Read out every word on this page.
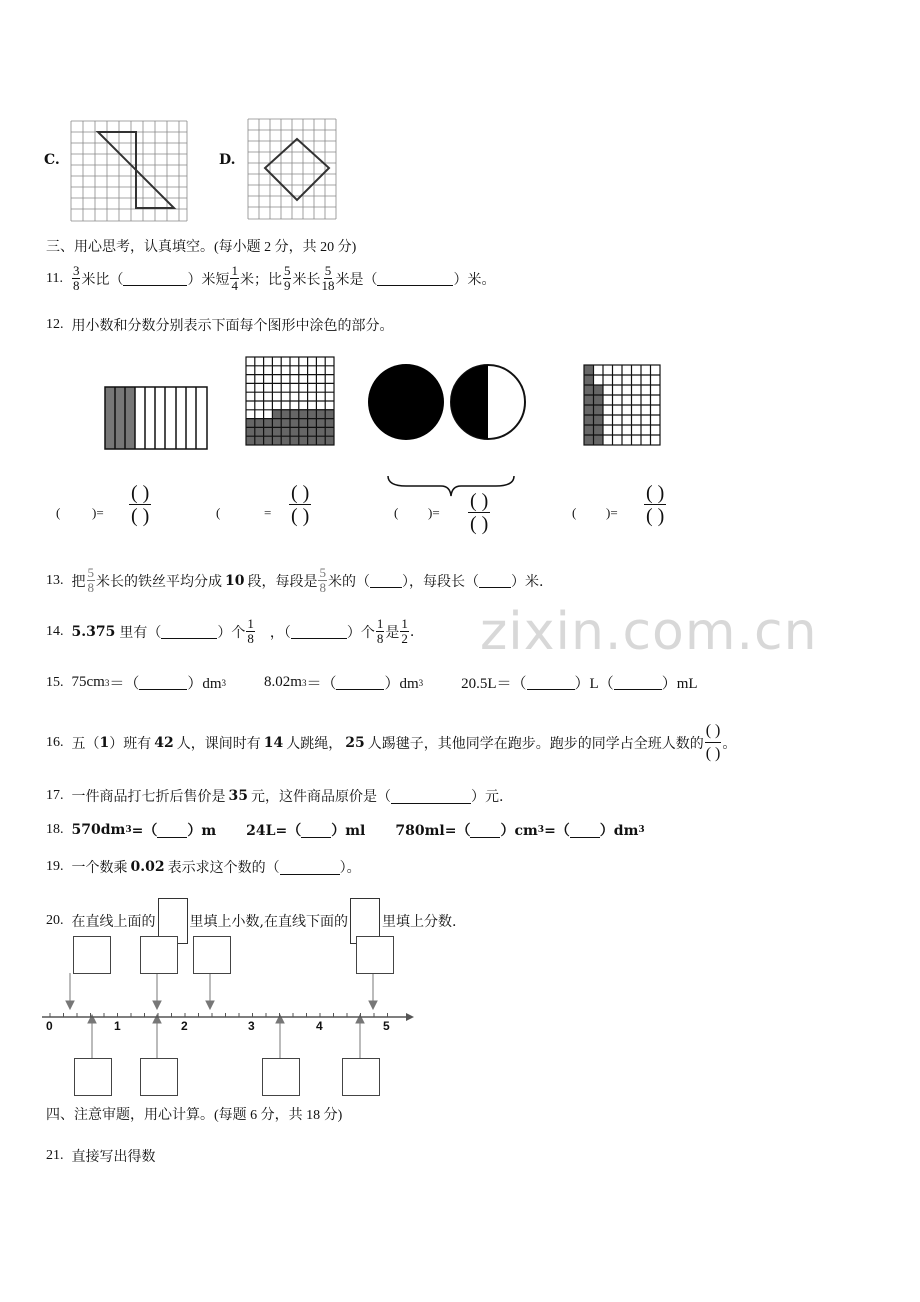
C.	D.
三、用心思考，认真填空。(每小题 2 分，共 20 分)
11. $\frac{3}{8}$ 米比（	）米短 $\frac{1}{4}$ 米；比 $\frac{5}{9}$ 米长 $\frac{5}{18}$ 米是（	）米。
12. 用小数和分数分别表示下面每个图形中涂色的部分。
( )=
( )
( )	(	=
( )
( )	( )=
( )
( )
( )=
( )
( )
13. 把 $\frac{5}{8}$ 米长的铁丝平均分成 10 段，每段是 $\frac{5}{8}$ 米的（ ），每段长（ ）米.
zixin.com.cn
14. 5.375 里有（	）个 $\frac{1}{8}$ ，（	）个 $\frac{1}{8}$ 是 $\frac{1}{2}$ .
15. 75cm 3 ＝（	）dm 3	8.02m 3 ＝（	）dm 3	20.5L＝（	）L（	）mL
16. 五（ 1 ）班有 42 人，课间时有 14 人跳绳， 25 人踢毽子，其他同学在跑步。跑步的同学占全班人数的 $\frac{( )}{( )}$ 。
17. 一件商品打七折后售价是 35 元，这件商品原价是（	）元.
18. 570dm 3 =（ ）m 24L=（ ）ml 780ml=（ ）cm 3 =（ ）dm 3
19. 一个数乘 0.02 表示求这个数的（	）。
20. 在直线上面的 里填上小数,在直线下面的 里填上分数.
0	1	2	3	4	5
四、注意审题，用心计算。(每题 6 分，共 18 分)
21. 直接写出得数
